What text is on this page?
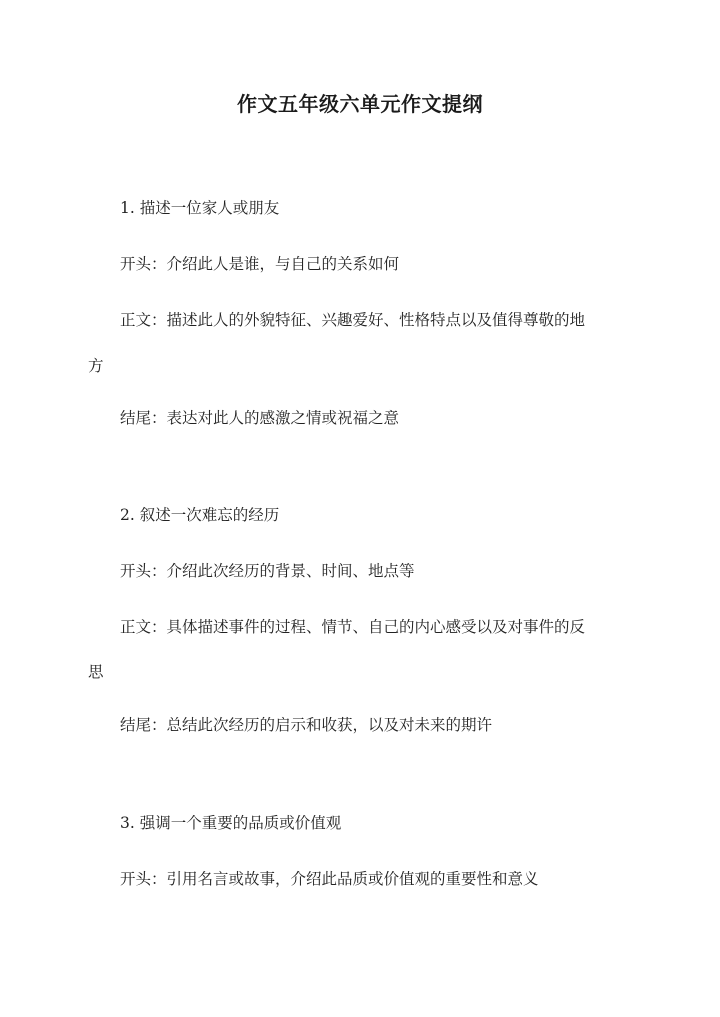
作文五年级六单元作文提纲
1. 描述一位家人或朋友
开头：介绍此人是谁，与自己的关系如何
正文：描述此人的外貌特征、兴趣爱好、性格特点以及值得尊敬的地
方
结尾：表达对此人的感激之情或祝福之意
2. 叙述一次难忘的经历
开头：介绍此次经历的背景、时间、地点等
正文：具体描述事件的过程、情节、自己的内心感受以及对事件的反
思
结尾：总结此次经历的启示和收获，以及对未来的期许
3. 强调一个重要的品质或价值观
开头：引用名言或故事，介绍此品质或价值观的重要性和意义
